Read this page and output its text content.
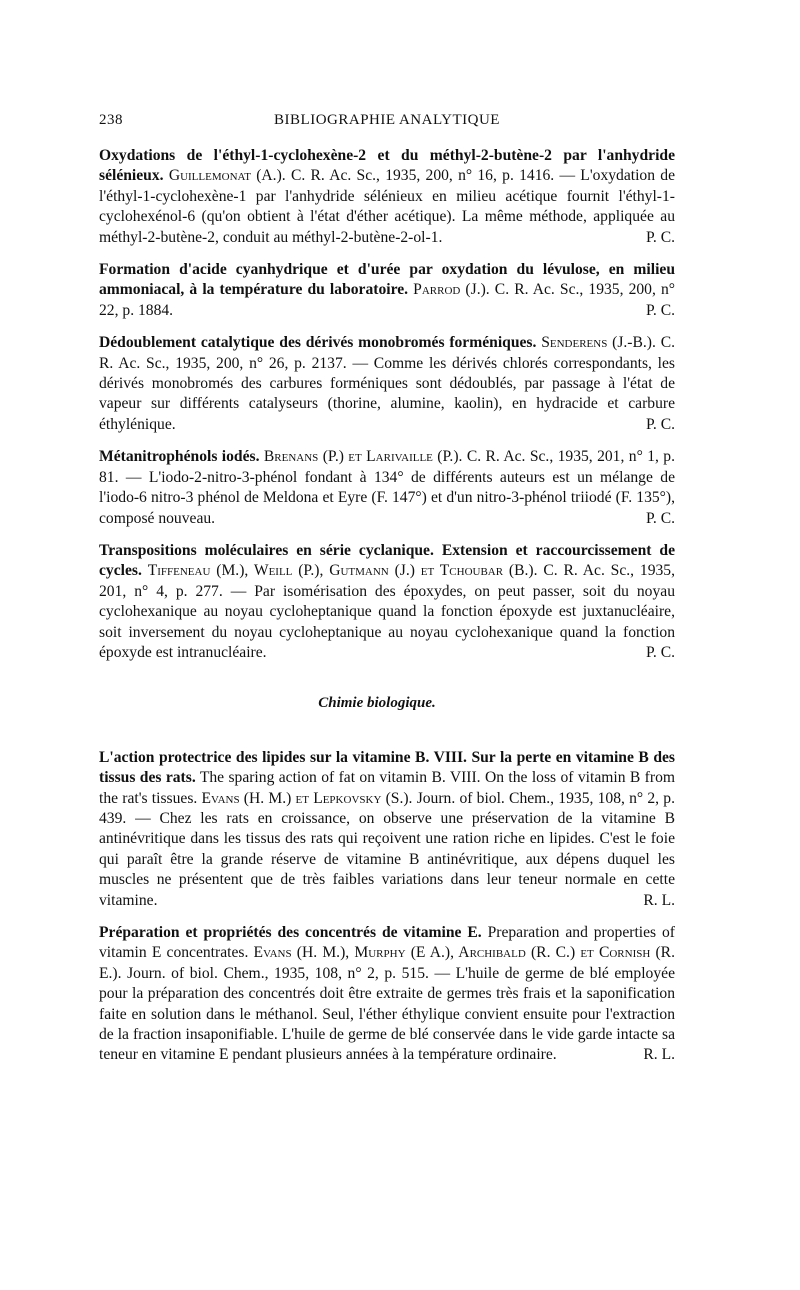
238	BIBLIOGRAPHIE ANALYTIQUE

Oxydations de l'éthyl-1-cyclohexène-2 et du méthyl-2-butène-2 par l'anhydride sélénieux. Guillemonat (A.). C. R. Ac. Sc., 1935, 200, n° 16, p. 1416. — L'oxydation de l'éthyl-1-cyclohexène-1 par l'anhydride sélénieux en milieu acétique fournit l'éthyl-1-cyclohexénol-6 (qu'on obtient à l'état d'éther acétique). La même méthode, appliquée au méthyl-2-butène-2, conduit au méthyl-2-butène-2-ol-1.	P. C.

Formation d'acide cyanhydrique et d'urée par oxydation du lévulose, en milieu ammoniacal, à la température du laboratoire. Parrod (J.). C. R. Ac. Sc., 1935, 200, n° 22, p. 1884.	P. C.

Dédoublement catalytique des dérivés monobromés forméniques. Senderens (J.-B.). C. R. Ac. Sc., 1935, 200, n° 26, p. 2137. — Comme les dérivés chlorés correspondants, les dérivés monobromés des carbures forméniques sont dédoublés, par passage à l'état de vapeur sur différents catalyseurs (thorine, alumine, kaolin), en hydracide et carbure éthylénique.	P. C.

Métanitrophénols iodés. Brenans (P.) et Larivaille (P.). C. R. Ac. Sc., 1935, 201, n° 1, p. 81. — L'iodo-2-nitro-3-phénol fondant à 134° de différents auteurs est un mélange de l'iodo-6 nitro-3 phénol de Meldona et Eyre (F. 147°) et d'un nitro-3-phénol triiodé (F. 135°), composé nouveau.	P. C.

Transpositions moléculaires en série cyclanique. Extension et raccourcissement de cycles. Tiffeneau (M.), Weill (P.), Gutmann (J.) et Tchoubar (B.). C. R. Ac. Sc., 1935, 201, n° 4, p. 277. — Par isomérisation des époxydes, on peut passer, soit du noyau cyclohexanique au noyau cycloheptanique quand la fonction époxyde est juxtanucléaire, soit inversement du noyau cycloheptanique au noyau cyclohexanique quand la fonction époxyde est intranucléaire.	P. C.

Chimie biologique.

L'action protectrice des lipides sur la vitamine B. VIII. Sur la perte en vitamine B des tissus des rats. The sparing action of fat on vitamin B. VIII. On the loss of vitamin B from the rat's tissues. Evans (H. M.) et Lepkovsky (S.). Journ. of biol. Chem., 1935, 108, n° 2, p. 439. — Chez les rats en croissance, on observe une préservation de la vitamine B antinévritique dans les tissus des rats qui reçoivent une ration riche en lipides. C'est le foie qui paraît être la grande réserve de vitamine B antinévritique, aux dépens duquel les muscles ne présentent que de très faibles variations dans leur teneur normale en cette vitamine.	R. L.

Préparation et propriétés des concentrés de vitamine E. Preparation and properties of vitamin E concentrates. Evans (H. M.), Murphy (E A.), Archibald (R. C.) et Cornish (R. E.). Journ. of biol. Chem., 1935, 108, n° 2, p. 515. — L'huile de germe de blé employée pour la préparation des concentrés doit être extraite de germes très frais et la saponification faite en solution dans le méthanol. Seul, l'éther éthylique convient ensuite pour l'extraction de la fraction insaponifiable. L'huile de germe de blé conservée dans le vide garde intacte sa teneur en vitamine E pendant plusieurs années à la température ordinaire.	R. L.
